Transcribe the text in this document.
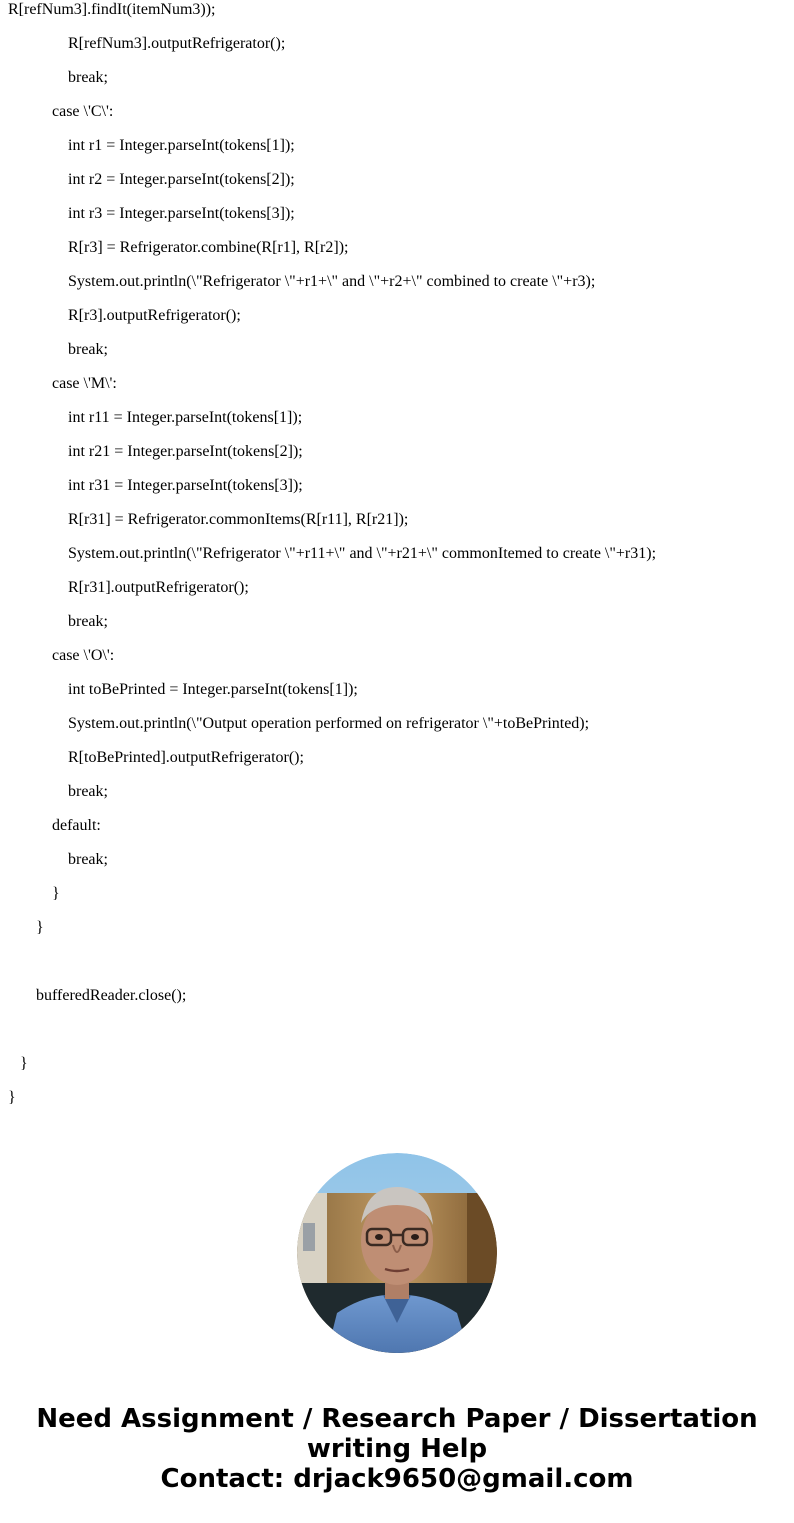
R[refNum3].findIt(itemNum3));
R[refNum3].outputRefrigerator();
break;
case \'C\':
int r1 = Integer.parseInt(tokens[1]);
int r2 = Integer.parseInt(tokens[2]);
int r3 = Integer.parseInt(tokens[3]);
R[r3] = Refrigerator.combine(R[r1], R[r2]);
System.out.println(\"Refrigerator \"+r1+\" and \"+r2+\" combined to create \"+r3);
R[r3].outputRefrigerator();
break;
case \'M\':
int r11 = Integer.parseInt(tokens[1]);
int r21 = Integer.parseInt(tokens[2]);
int r31 = Integer.parseInt(tokens[3]);
R[r31] = Refrigerator.commonItems(R[r11], R[r21]);
System.out.println(\"Refrigerator \"+r11+\" and \"+r21+\" commonItemed to create \"+r31);
R[r31].outputRefrigerator();
break;
case \'O\':
int toBePrinted = Integer.parseInt(tokens[1]);
System.out.println(\"Output operation performed on refrigerator \"+toBePrinted);
R[toBePrinted].outputRefrigerator();
break;
default:
break;
}
}
bufferedReader.close();
}
}
Need Assignment / Research Paper / Dissertation
writing Help
Contact: drjack9650@gmail.com
